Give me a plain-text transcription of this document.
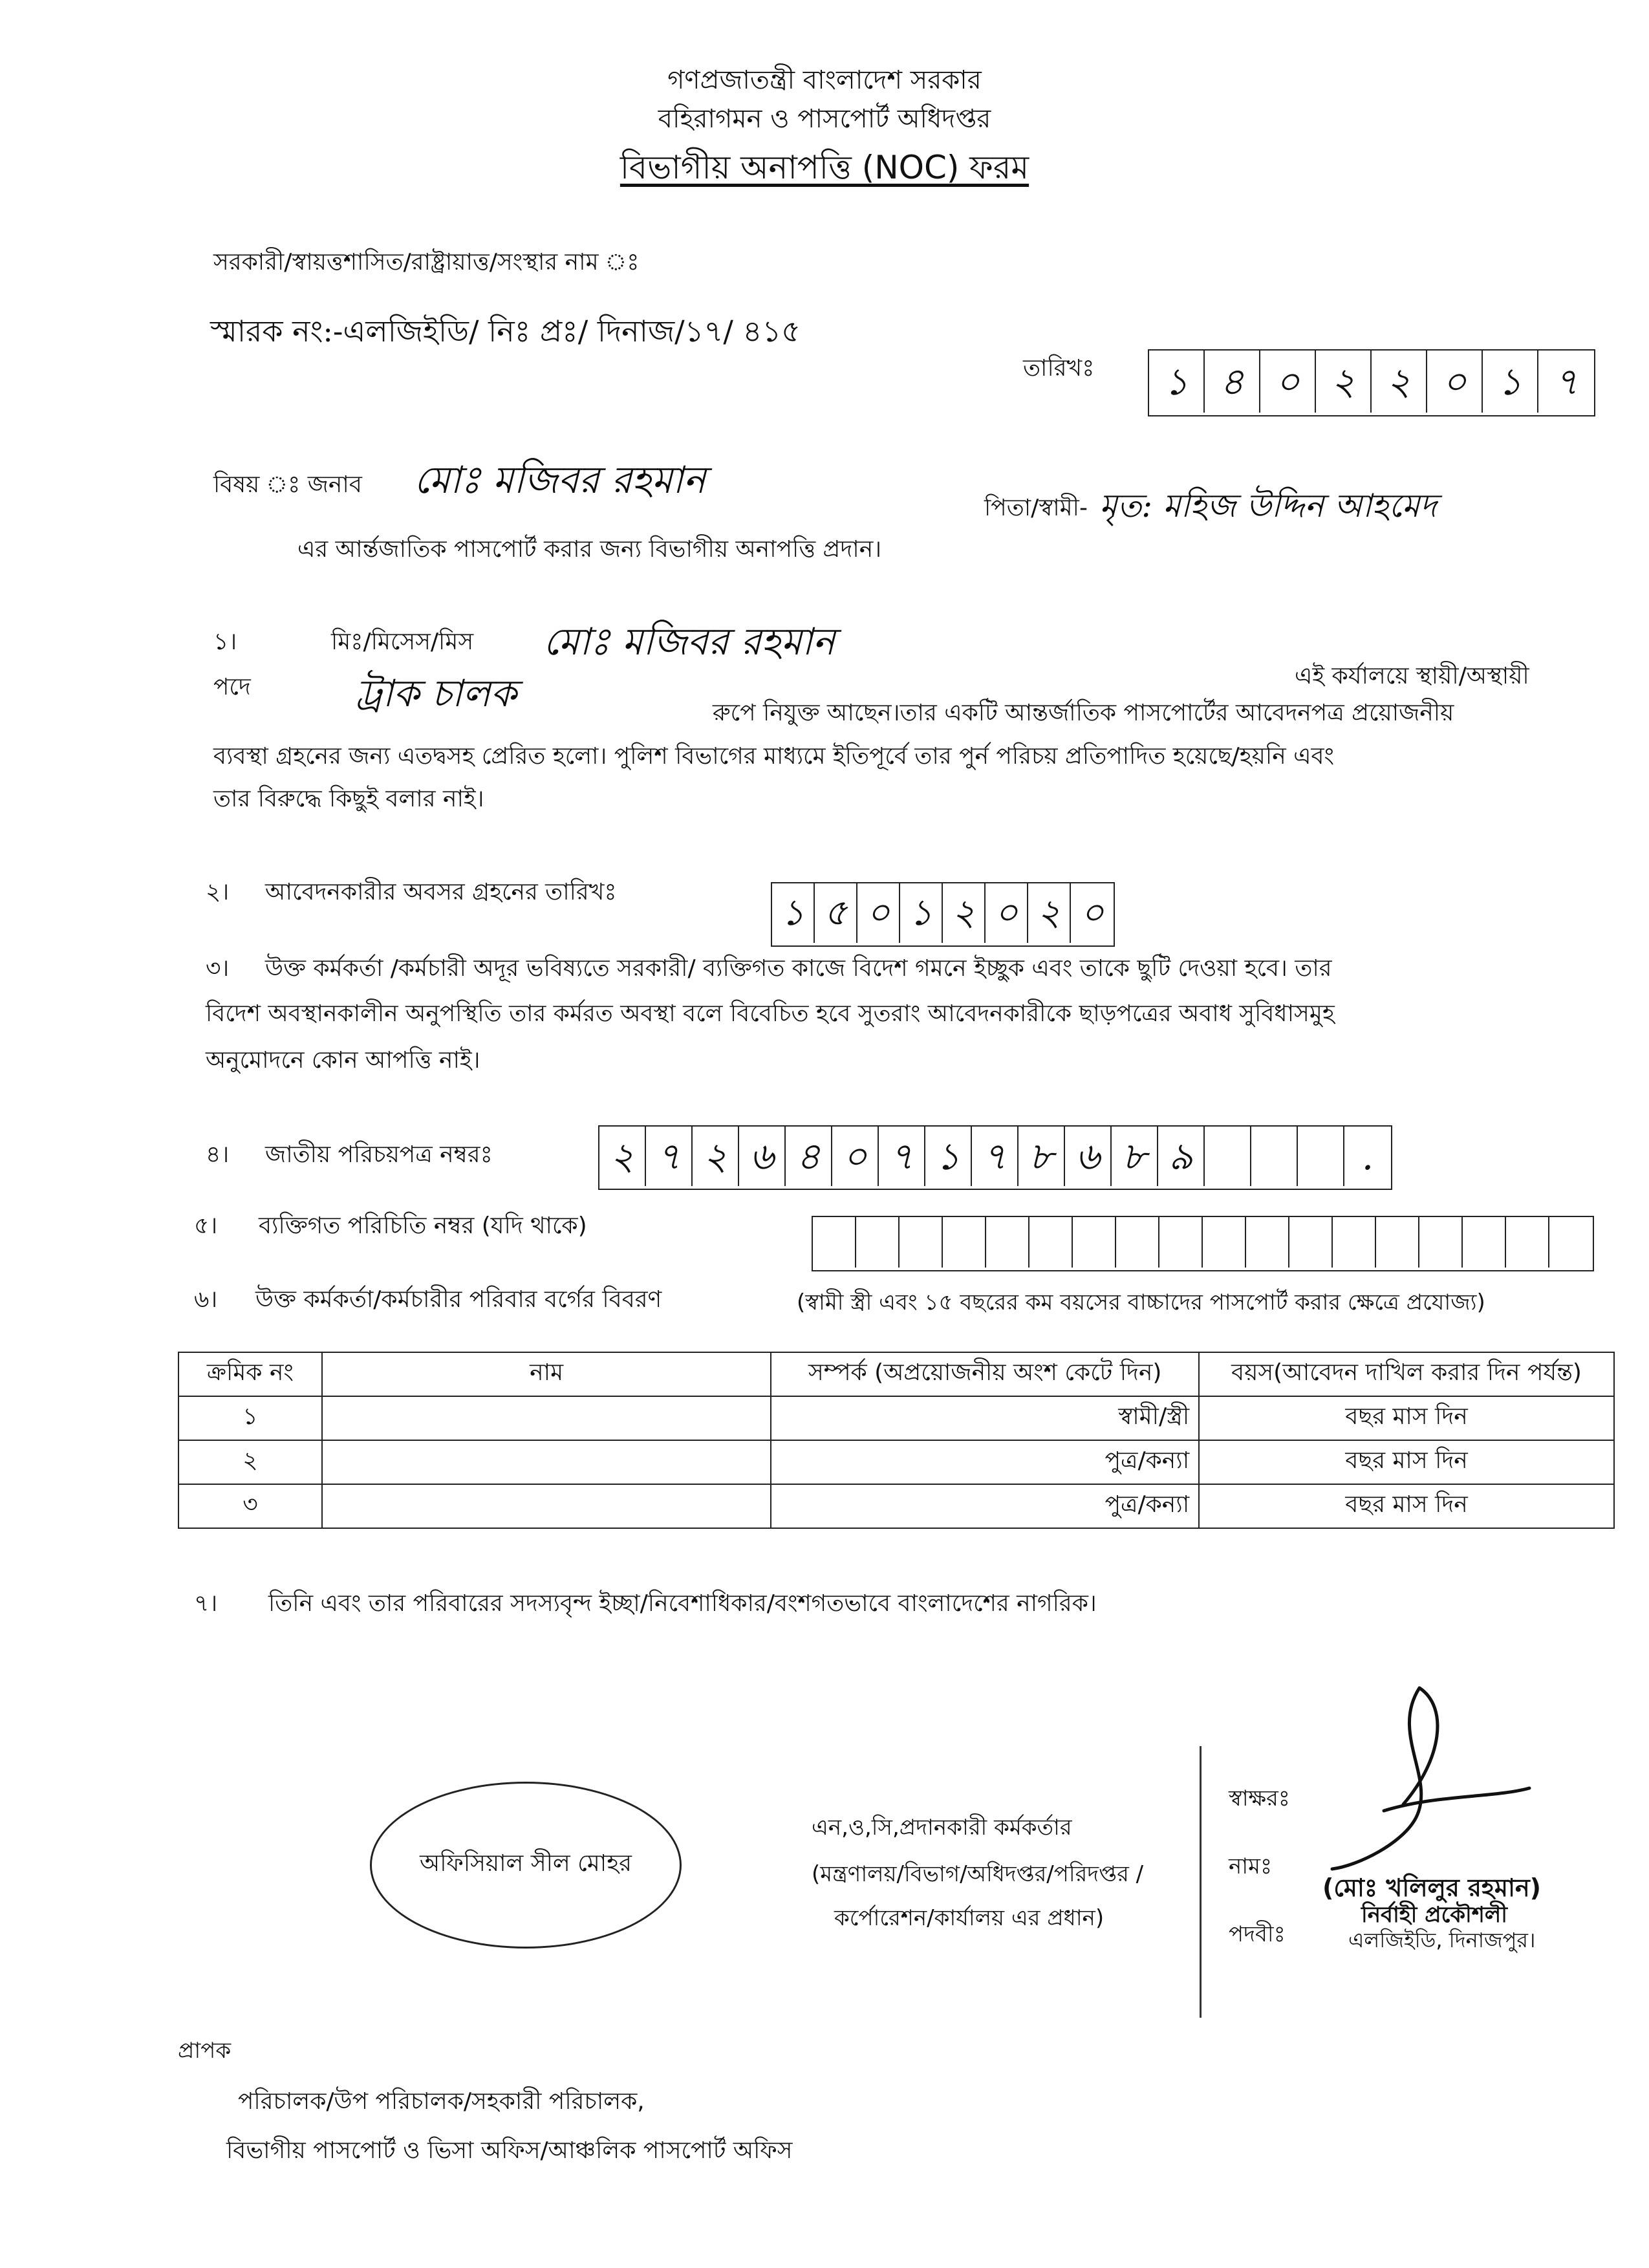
গণপ্রজাতন্ত্রী বাংলাদেশ সরকার
বহিরাগমন ও পাসপোর্ট অধিদপ্তর
বিভাগীয় অনাপত্তি (NOC) ফরম
সরকারী/স্বায়ত্তশাসিত/রাষ্ট্রায়াত্ত/সংস্থার নাম ঃ
স্মারক নং:-এলজিইডি/ নিঃ প্রঃ/ দিনাজ/১৭/ ৪১৫
তারিখঃ	১ ৪ ০ ২ ২ ০ ১ ৭
বিষয় ঃ জনাব মোঃ মজিবর রহমান
পিতা/স্বামী- মৃত: মহিজ উদ্দিন আহমেদ
এর আর্ন্তজাতিক পাসপোর্ট করার জন্য বিভাগীয় অনাপত্তি প্রদান।
১।	মিঃ/মিসেস/মিস মোঃ মজিবর রহমান
এই কর্যালয়ে স্থায়ী/অস্থায়ী
পদে	ট্রাক চালক	রুপে নিযুক্ত আছেন।তার একটি আন্তর্জাতিক পাসপোর্টের আবেদনপত্র প্রয়োজনীয়
ব্যবস্থা গ্রহনের জন্য এতদ্বসহ প্রেরিত হলো। পুলিশ বিভাগের মাধ্যমে ইতিপূর্বে তার পুর্ন পরিচয় প্রতিপাদিত হয়েছে/হয়নি এবং
তার বিরুদ্ধে কিছুই বলার নাই।
২। আবেদনকারীর অবসর গ্রহনের তারিখঃ	১ ৫ ০ ১ ২ ০ ২ ০
৩। উক্ত কর্মকর্তা /কর্মচারী অদূর ভবিষ্যতে সরকারী/ ব্যক্তিগত কাজে বিদেশ গমনে ইচ্ছুক এবং তাকে ছুটি দেওয়া হবে। তার
বিদেশ অবস্থানকালীন অনুপস্থিতি তার কর্মরত অবস্থা বলে বিবেচিত হবে সুতরাং আবেদনকারীকে ছাড়পত্রের অবাধ সুবিধাসমুহ
অনুমোদনে কোন আপত্তি নাই।
৪। জাতীয় পরিচয়পত্র নম্বরঃ	২ ৭ ২ ৬ ৪ ০ ৭ ১ ৭ ৮ ৬ ৮ ৯	.
৫। ব্যক্তিগত পরিচিতি নম্বর (যদি থাকে)
৬। উক্ত কর্মকর্তা/কর্মচারীর পরিবার বর্গের বিবরণ	(স্বামী স্ত্রী এবং ১৫ বছরের কম বয়সের বাচ্চাদের পাসপোর্ট করার ক্ষেত্রে প্রযোজ্য)
ক্রমিক নং	নাম	সম্পর্ক (অপ্রয়োজনীয় অংশ কেটে দিন)	বয়স(আবেদন দাখিল করার দিন পর্যন্ত)
১		স্বামী/স্ত্রী	বছর মাস দিন
২		পুত্র/কন্যা	বছর মাস দিন
৩		পুত্র/কন্যা	বছর মাস দিন
৭। তিনি এবং তার পরিবারের সদস্যবৃন্দ ইচ্ছা/নিবেশাধিকার/বংশগতভাবে বাংলাদেশের নাগরিক।
অফিসিয়াল সীল মোহর
এন,ও,সি,প্রদানকারী কর্মকর্তার
(মন্ত্রণালয়/বিভাগ/অধিদপ্তর/পরিদপ্তর /
কর্পোরেশন/কার্যালয় এর প্রধান)
স্বাক্ষরঃ
নামঃ
(মোঃ খলিলুর রহমান)
নির্বাহী প্রকৌশলী
পদবীঃ	এলজিইডি, দিনাজপুর।
প্রাপক
পরিচালক/উপ পরিচালক/সহকারী পরিচালক,
বিভাগীয় পাসপোর্ট ও ভিসা অফিস/আঞ্চলিক পাসপোর্ট অফিস
